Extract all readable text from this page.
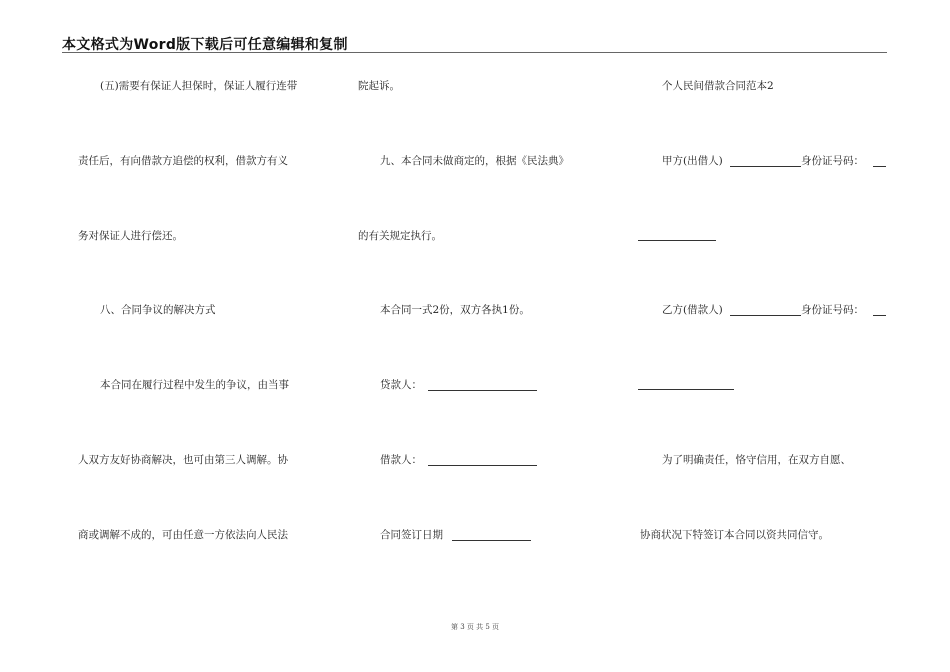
本文格式为Word版下载后可任意编辑和复制
(五)需要有保证人担保时，保证人履行连带
责任后，有向借款方追偿的权利，借款方有义
务对保证人进行偿还。
八、合同争议的解决方式
本合同在履行过程中发生的争议，由当事
人双方友好协商解决，也可由第三人调解。协
商或调解不成的，可由任意一方依法向人民法
院起诉。
九、本合同未做商定的，根据《民法典》
的有关规定执行。
本合同一式2份，双方各执1份。
贷款人：
借款人：
合同签订日期
个人民间借款合同范本2
甲方(出借人)	身份证号码：
乙方(借款人)	身份证号码：
为了明确责任，恪守信用，在双方自愿、
协商状况下特签订本合同以资共同信守。
第 3 页 共 5 页
